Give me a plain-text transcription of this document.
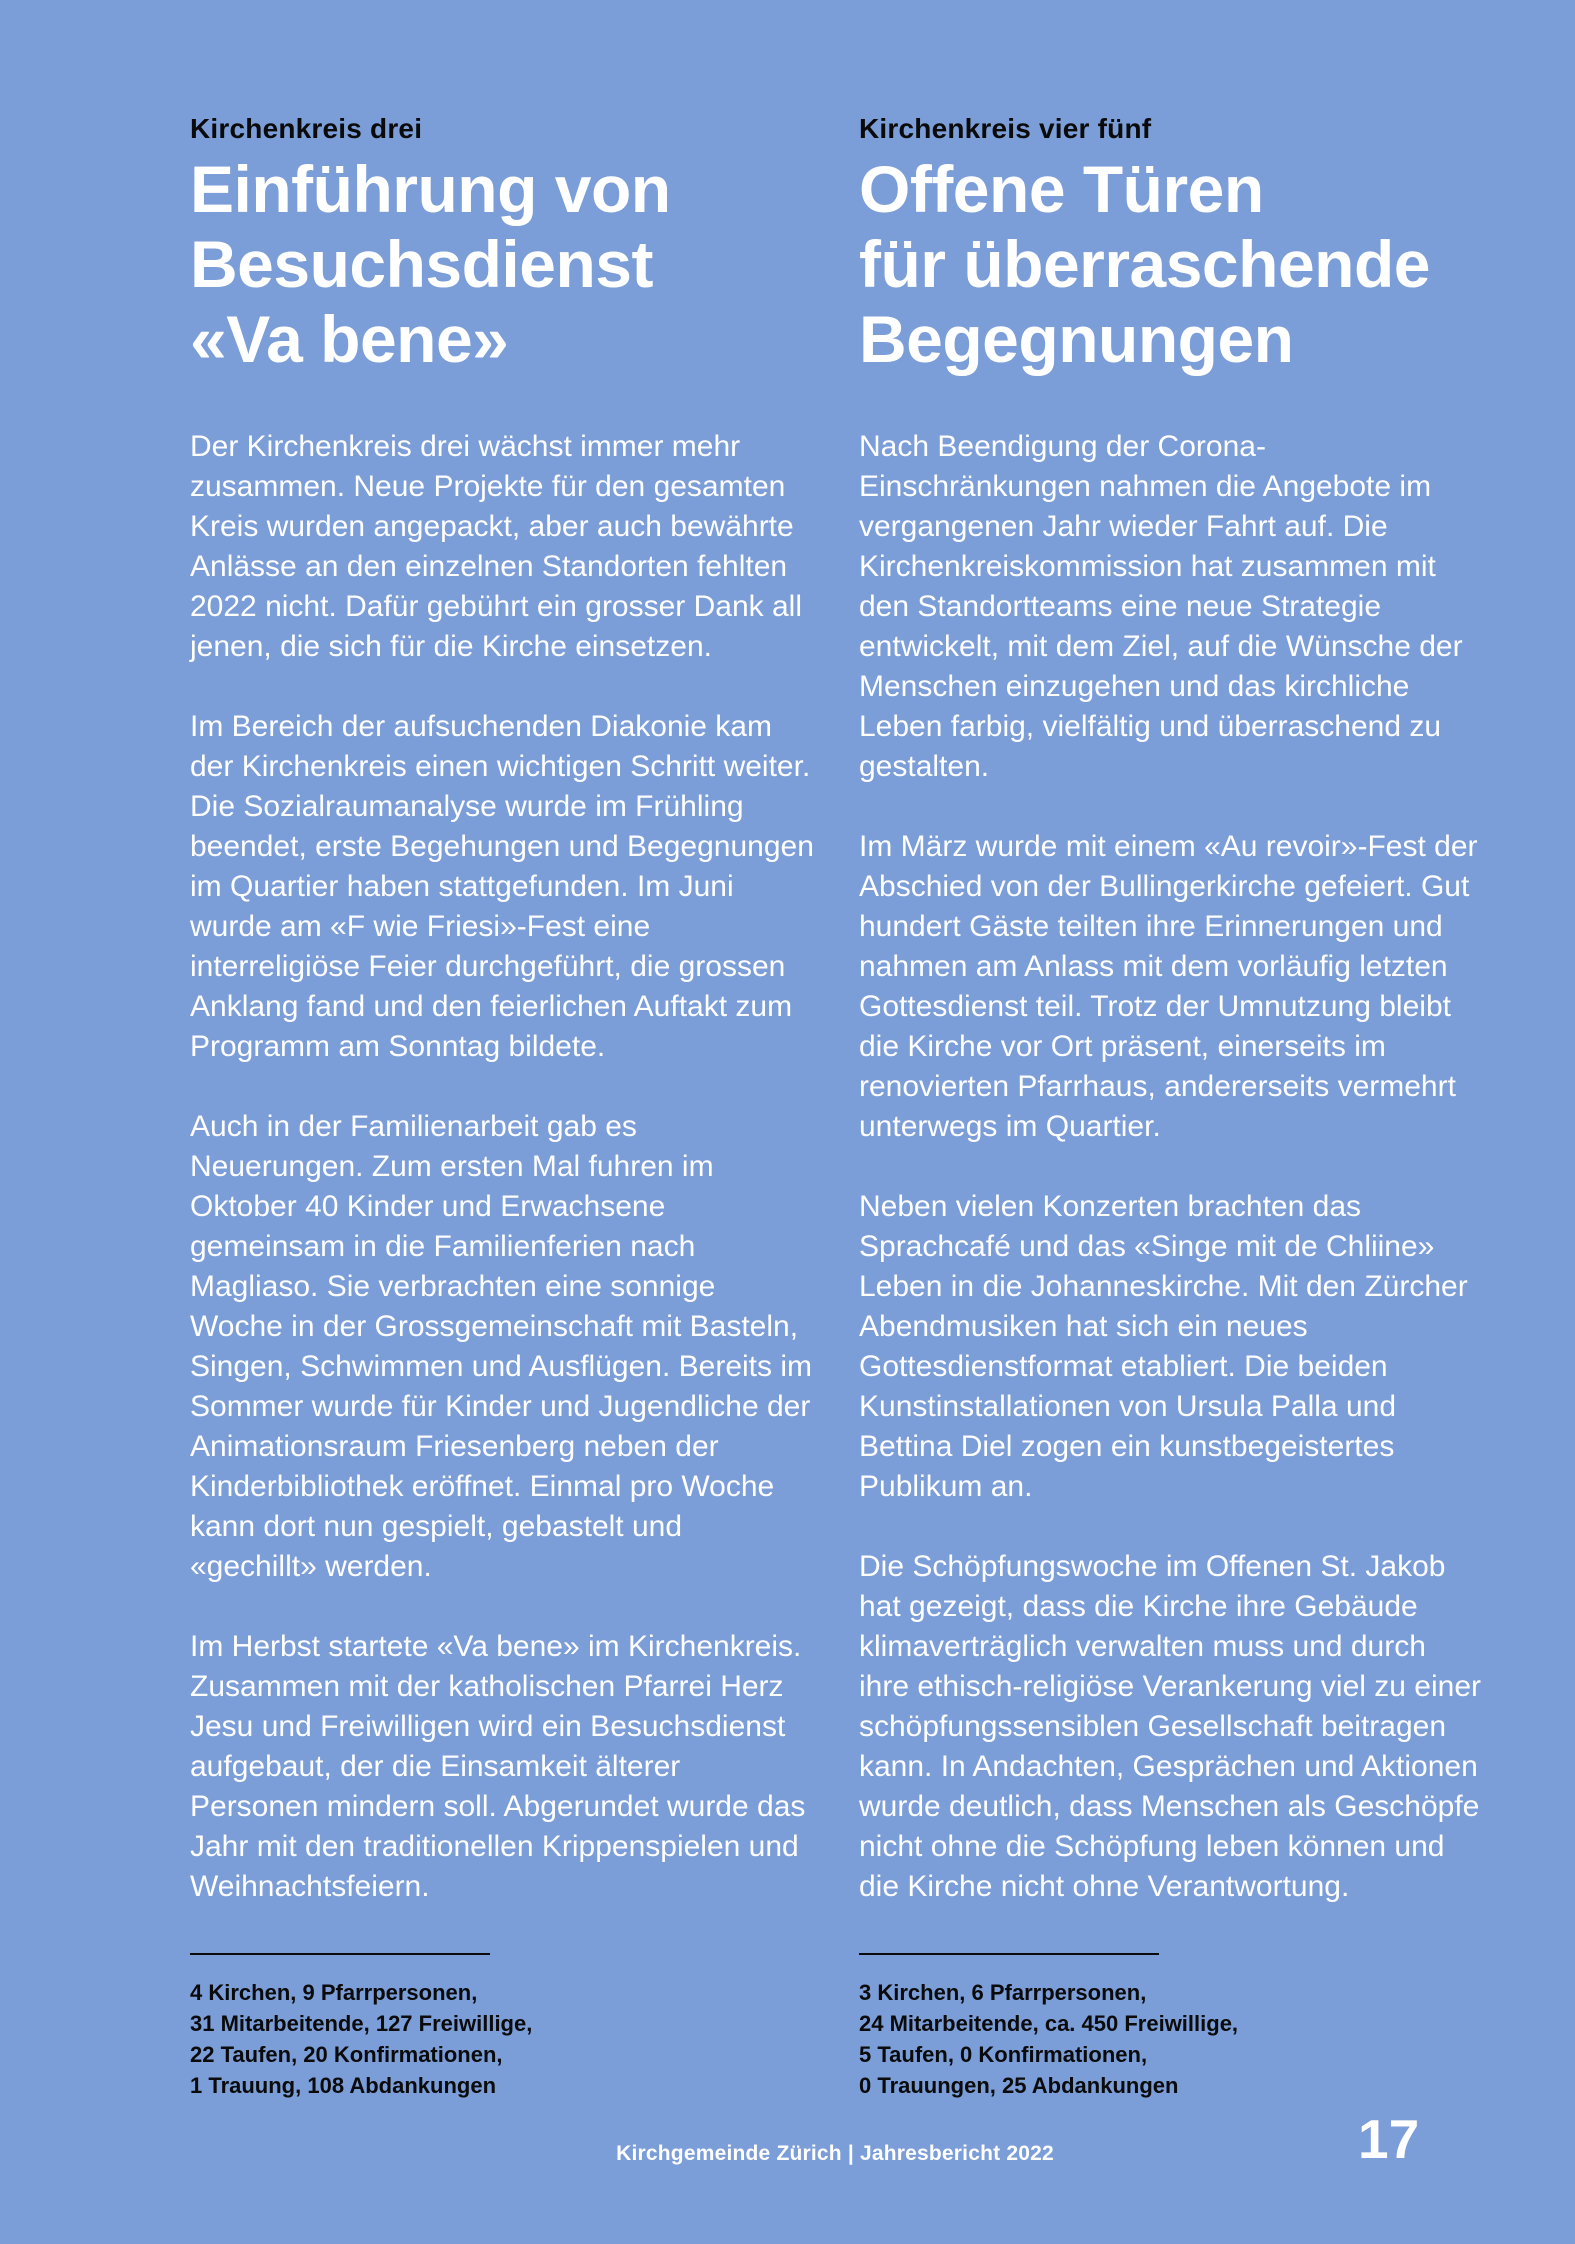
Kirchenkreis drei
Einführung von
Besuchsdienst
«Va bene»

Der Kirchenkreis drei wächst immer mehr zusammen. Neue Projekte für den gesamten Kreis wurden angepackt, aber auch bewährte Anlässe an den einzelnen Standorten fehlten 2022 nicht. Dafür gebührt ein grosser Dank all jenen, die sich für die Kirche einsetzen.

Im Bereich der aufsuchenden Diakonie kam der Kirchenkreis einen wichtigen Schritt weiter. Die Sozialraumanalyse wurde im Frühling beendet, erste Begehungen und Begegnungen im Quartier haben stattgefunden. Im Juni wurde am «F wie Friesi»-Fest eine interreligiöse Feier durchgeführt, die grossen Anklang fand und den feierlichen Auftakt zum Programm am Sonntag bildete.

Auch in der Familienarbeit gab es Neuerungen. Zum ersten Mal fuhren im Oktober 40 Kinder und Erwachsene gemeinsam in die Familienferien nach Magliaso. Sie verbrachten eine sonnige Woche in der Grossgemeinschaft mit Basteln, Singen, Schwimmen und Ausflügen. Bereits im Sommer wurde für Kinder und Jugendliche der Animationsraum Friesenberg neben der Kinderbibliothek eröffnet. Einmal pro Woche kann dort nun gespielt, gebastelt und «gechillt» werden.

Im Herbst startete «Va bene» im Kirchenkreis. Zusammen mit der katholischen Pfarrei Herz Jesu und Freiwilligen wird ein Besuchsdienst aufgebaut, der die Einsamkeit älterer Personen mindern soll. Abgerundet wurde das Jahr mit den traditionellen Krippenspielen und Weihnachtsfeiern.

Kirchenkreis vier fünf
Offene Türen
für überraschende
Begegnungen

Nach Beendigung der Corona-Einschränkungen nahmen die Angebote im vergangenen Jahr wieder Fahrt auf. Die Kirchenkreiskommission hat zusammen mit den Standortteams eine neue Strategie entwickelt, mit dem Ziel, auf die Wünsche der Menschen einzugehen und das kirchliche Leben farbig, vielfältig und überraschend zu gestalten.

Im März wurde mit einem «Au revoir»-Fest der Abschied von der Bullingerkirche gefeiert. Gut hundert Gäste teilten ihre Erinnerungen und nahmen am Anlass mit dem vorläufig letzten Gottesdienst teil. Trotz der Umnutzung bleibt die Kirche vor Ort präsent, einerseits im renovierten Pfarrhaus, andererseits vermehrt unterwegs im Quartier.

Neben vielen Konzerten brachten das Sprachcafé und das «Singe mit de Chliine» Leben in die Johanneskirche. Mit den Zürcher Abendmusiken hat sich ein neues Gottesdienstformat etabliert. Die beiden Kunstinstallationen von Ursula Palla und Bettina Diel zogen ein kunstbegeistertes Publikum an.

Die Schöpfungswoche im Offenen St. Jakob hat gezeigt, dass die Kirche ihre Gebäude klimaverträglich verwalten muss und durch ihre ethisch-religiöse Verankerung viel zu einer schöpfungssensiblen Gesellschaft beitragen kann. In Andachten, Gesprächen und Aktionen wurde deutlich, dass Menschen als Geschöpfe nicht ohne die Schöpfung leben können und die Kirche nicht ohne Verantwortung.

4 Kirchen, 9 Pfarrpersonen,
31 Mitarbeitende, 127 Freiwillige,
22 Taufen, 20 Konfirmationen,
1 Trauung, 108 Abdankungen
3 Kirchen, 6 Pfarrpersonen,
24 Mitarbeitende, ca. 450 Freiwillige,
5 Taufen, 0 Konfirmationen,
0 Trauungen, 25 Abdankungen
Kirchgemeinde Zürich | Jahresbericht 2022	17
